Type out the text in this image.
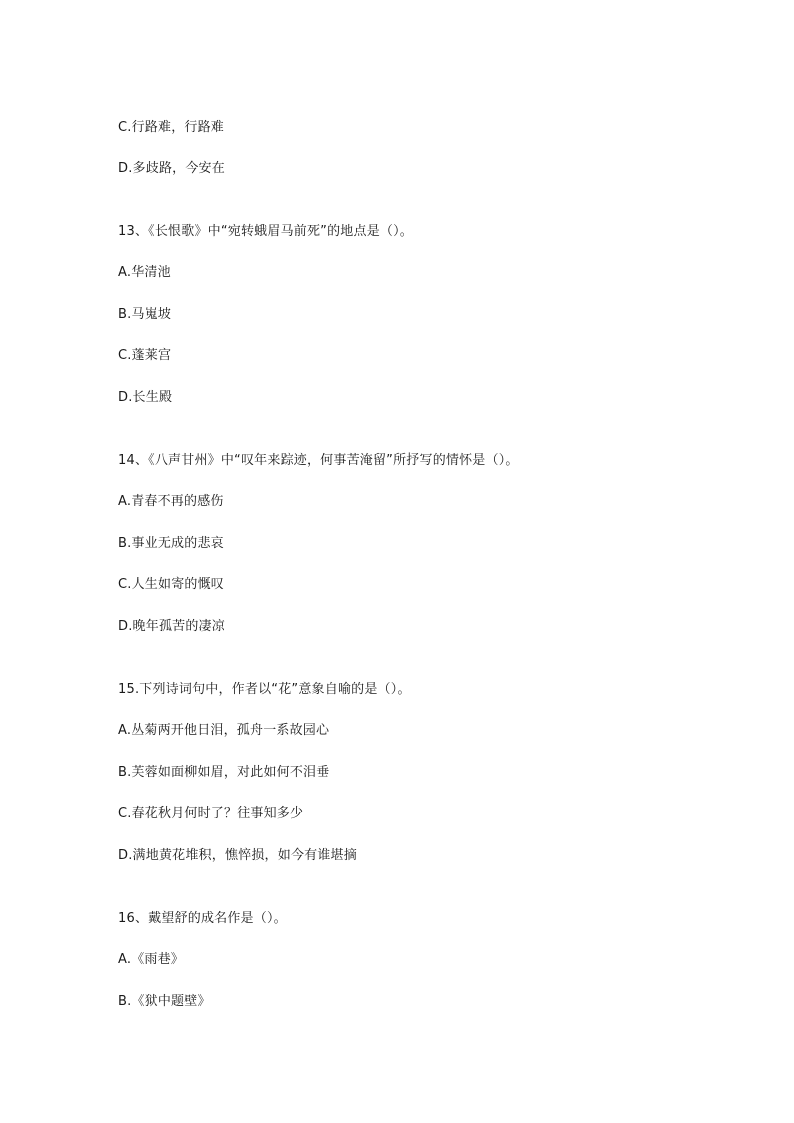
C.行路难，行路难
D.多歧路，今安在
13、《长恨歌》中“宛转蛾眉马前死”的地点是（）。
A.华清池
B.马嵬坡
C.蓬莱宫
D.长生殿
14、《八声甘州》中“叹年来踪迹，何事苦淹留”所抒写的情怀是（）。
A.青春不再的感伤
B.事业无成的悲哀
C.人生如寄的慨叹
D.晚年孤苦的凄凉
15.下列诗词句中，作者以“花”意象自喻的是（）。
A.丛菊两开他日泪，孤舟一系故园心
B.芙蓉如面柳如眉，对此如何不泪垂
C.春花秋月何时了？往事知多少
D.满地黄花堆积，憔悴损，如今有谁堪摘
16、戴望舒的成名作是（）。
A.《雨巷》
B.《狱中题壁》
